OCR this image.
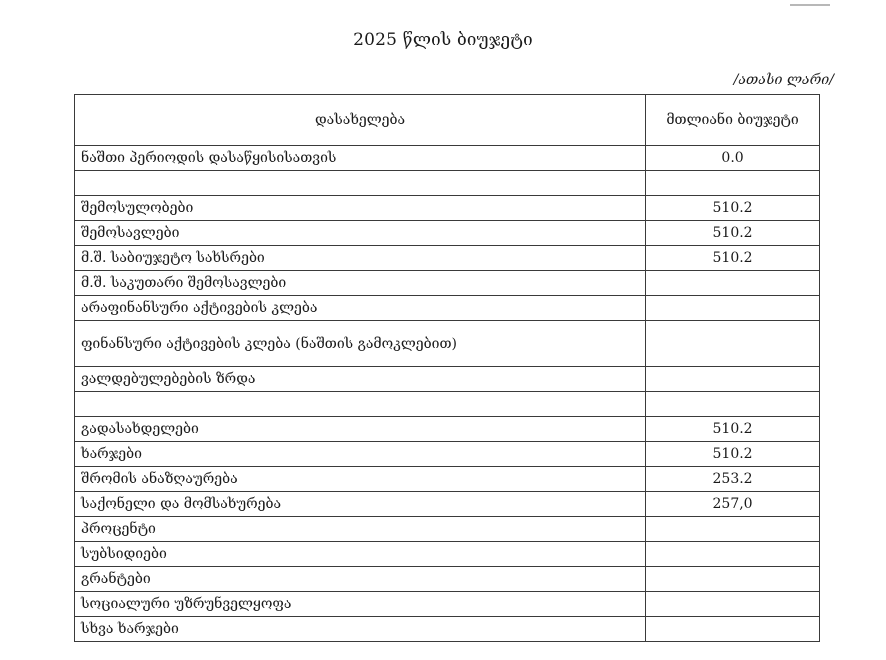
2025 წლის ბიუჯეტი
/ათასი ლარი/
დასახელება	მთლიანი ბიუჯეტი
ნაშთი პერიოდის დასაწყისისათვის	0.0

შემოსულობები	510.2
შემოსავლები	510.2
მ.შ. საბიუჯეტო სახსრები	510.2
მ.შ. საკუთარი შემოსავლები	
არაფინანსური აქტივების კლება	
ფინანსური აქტივების კლება (ნაშთის გამოკლებით)	
ვალდებულებების ზრდა	

გადასახდელები	510.2
ხარჯები	510.2
შრომის ანაზღაურება	253.2
საქონელი და მომსახურება	257,0
პროცენტი	
სუბსიდიები	
გრანტები	
სოციალური უზრუნველყოფა	
სხვა ხარჯები	
